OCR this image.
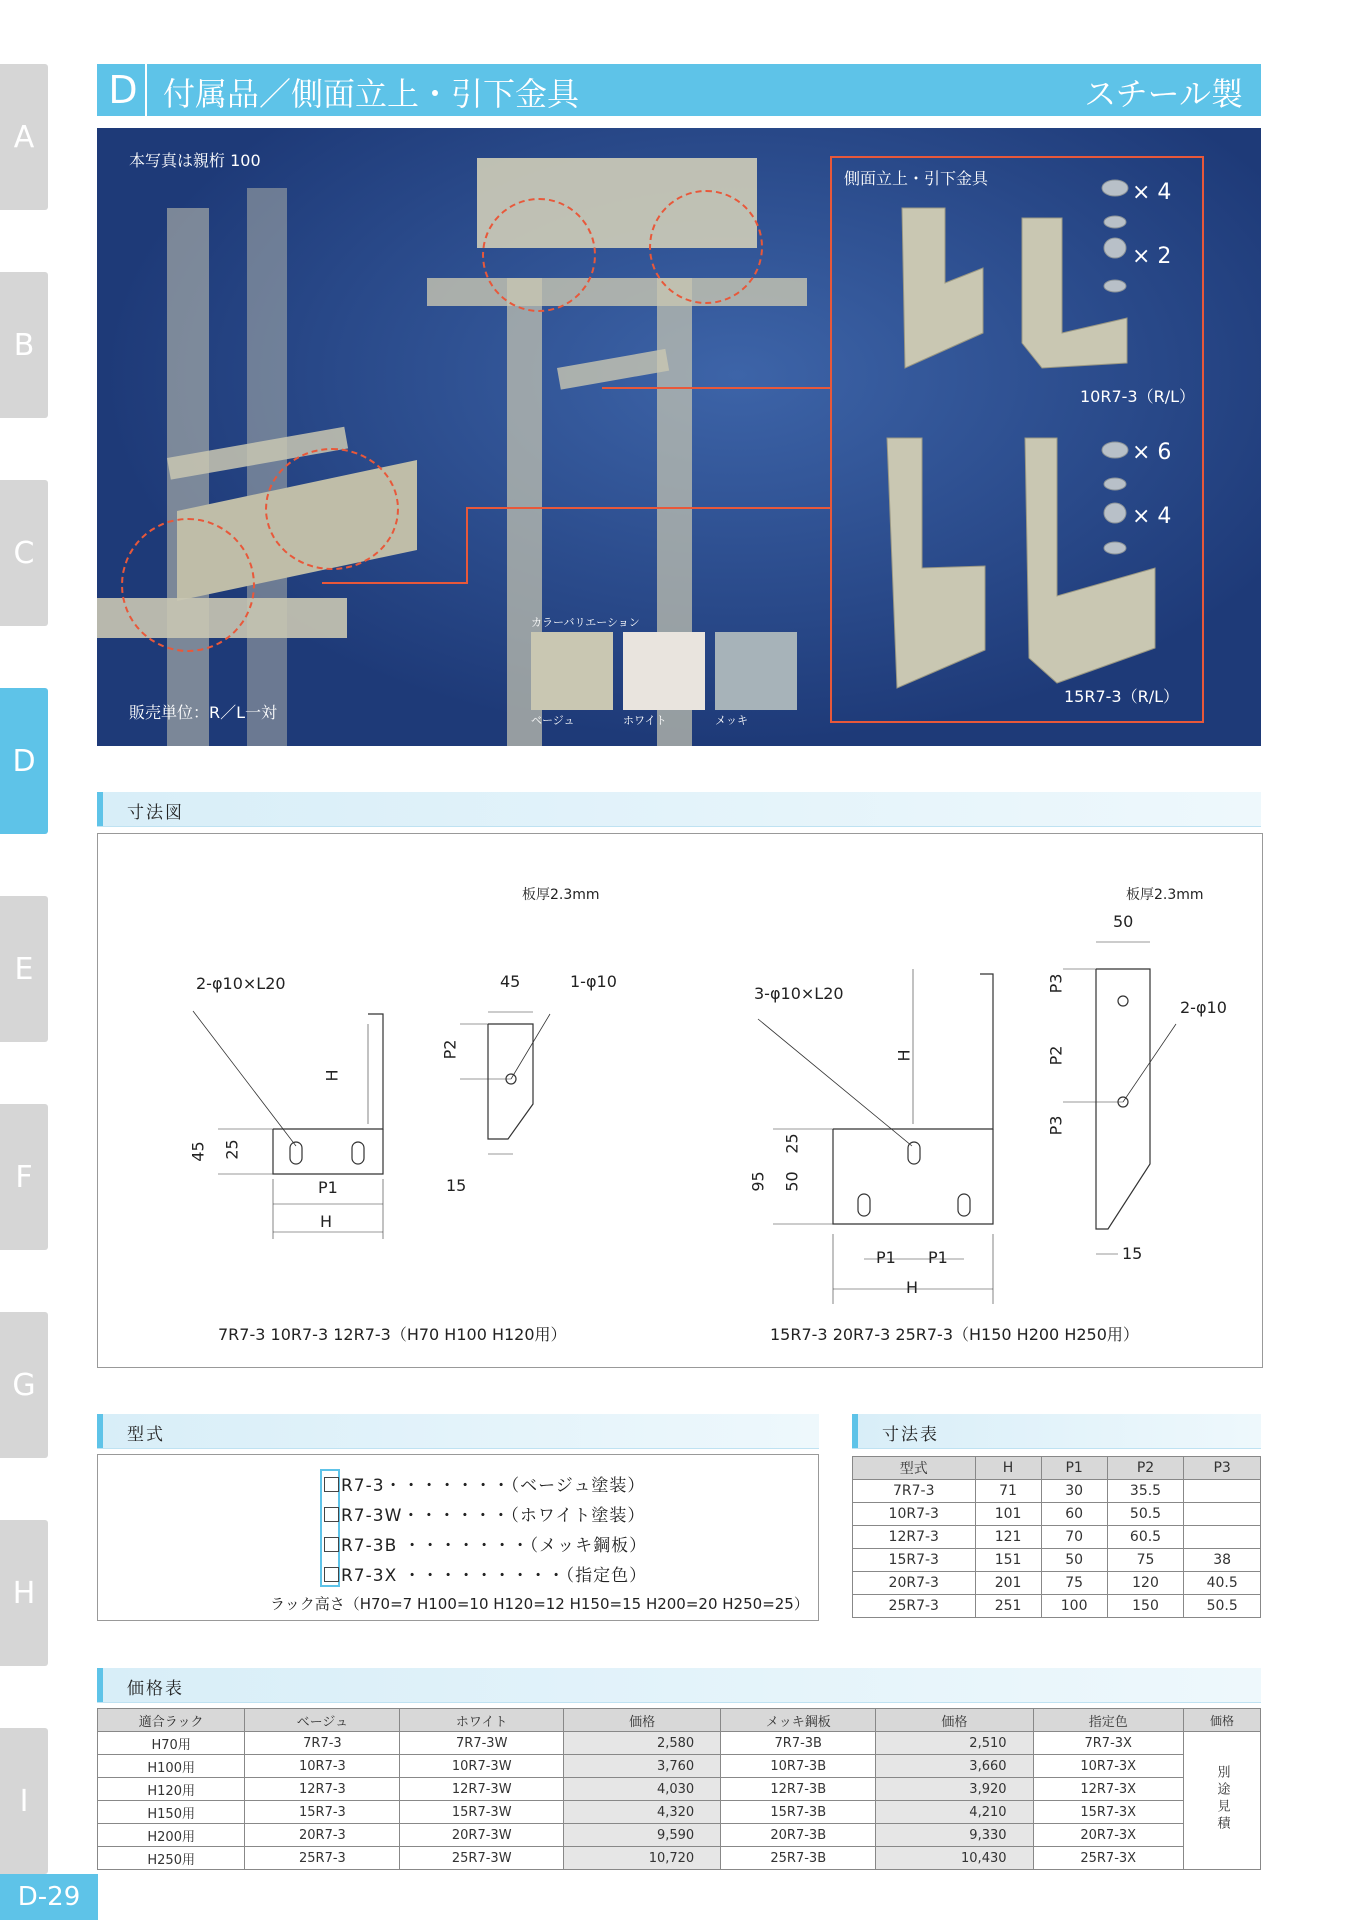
A
B
C
D
E
F
G
H
I
D-29
D 付属品／側面立上・引下金具	スチール製
本写真は親桁 100
販売単位：R／L一対
側面立上・引下金具
× 4
× 2
10R7-3（R/L）
× 6
× 4
15R7-3（R/L）
カラーバリエーション
ベージュ	ホワイト	メッキ
寸法図
板厚2.3mm	板厚2.3mm
2-φ10×L20	1-φ10
45
45 25
H
P1
H
P2
15
7R7-3 10R7-3 12R7-3（H70 H100 H120用）
3-φ10×L20
2-φ10
50
95 50
25
H
P1 P1
H
P3
P2
P3
15
15R7-3 20R7-3 25R7-3（H150 H200 H250用）
型式
R7-3・・・・・・・（ベージュ塗装）
R7-3W・・・・・・（ホワイト塗装）
R7-3B ・・・・・・・（メッキ鋼板）
R7-3X ・・・・・・・・・（指定色）
ラック高さ（H70=7 H100=10 H120=12 H150=15 H200=20 H250=25）
寸法表
型式	H	P1	P2	P3
7R7-3	71	30	35.5	
10R7-3	101	60	50.5	
12R7-3	121	70	60.5	
15R7-3	151	50	75	38
20R7-3	201	75	120	40.5
25R7-3	251	100	150	50.5
価格表
適合ラック	ベージュ	ホワイト	価格	メッキ鋼板	価格	指定色	価格
H70用	7R7-3	7R7-3W	2,580	7R7-3B	2,510	7R7-3X	別途見積
H100用	10R7-3	10R7-3W	3,760	10R7-3B	3,660	10R7-3X	
H120用	12R7-3	12R7-3W	4,030	12R7-3B	3,920	12R7-3X	
H150用	15R7-3	15R7-3W	4,320	15R7-3B	4,210	15R7-3X	
H200用	20R7-3	20R7-3W	9,590	20R7-3B	9,330	20R7-3X	
H250用	25R7-3	25R7-3W	10,720	25R7-3B	10,430	25R7-3X	
